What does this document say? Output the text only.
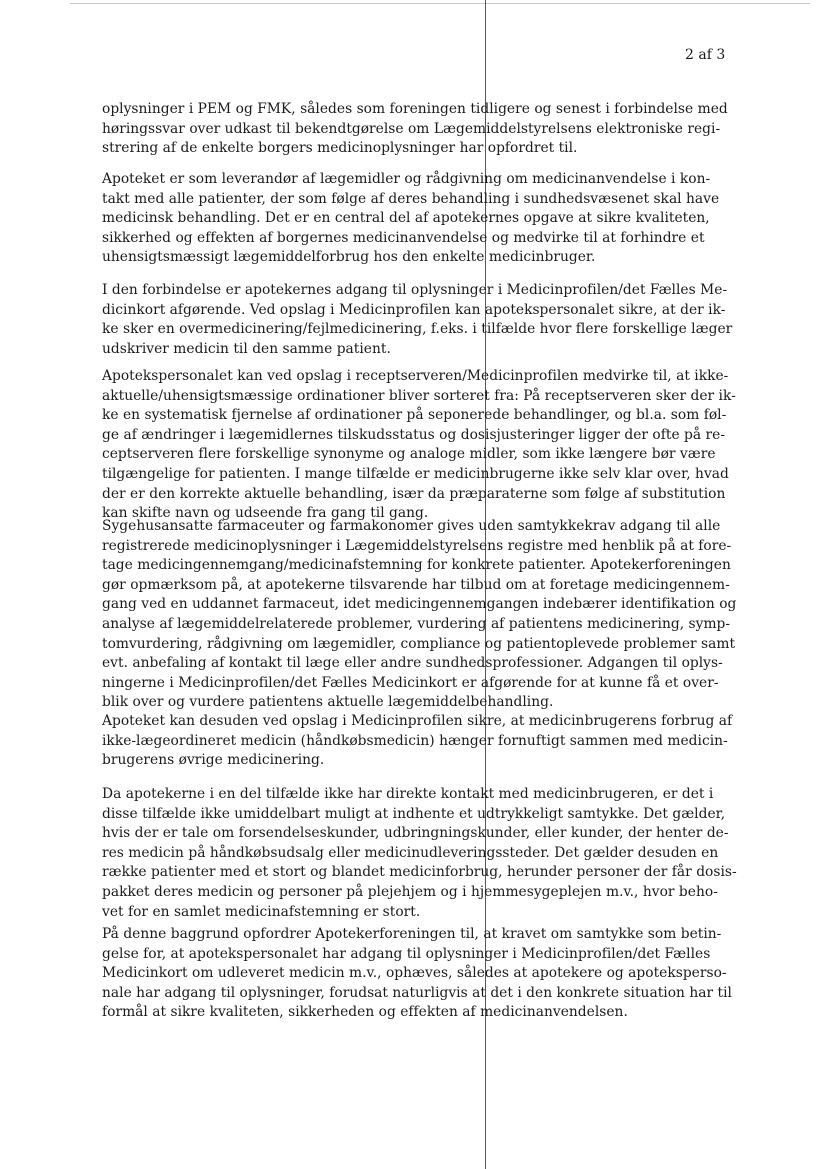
2 af 3

oplysninger i PEM og FMK, således som foreningen tidligere og senest i forbindelse med
høringssvar over udkast til bekendtgørelse om Lægemiddelstyrelsens elektroniske regi-
strering af de enkelte borgers medicinoplysninger har opfordret til.

Apoteket er som leverandør af lægemidler og rådgivning om medicinanvendelse i kon-
takt med alle patienter, der som følge af deres behandling i sundhedsvæsenet skal have
medicinsk behandling. Det er en central del af apotekernes opgave at sikre kvaliteten,
sikkerhed og effekten af borgernes medicinanvendelse og medvirke til at forhindre et
uhensigtsmæssigt lægemiddelforbrug hos den enkelte medicinbruger.

I den forbindelse er apotekernes adgang til oplysninger i Medicinprofilen/det Fælles Me-
dicinkort afgørende. Ved opslag i Medicinprofilen kan apotekspersonalet sikre, at der ik-
ke sker en overmedicinering/fejlmedicinering, f.eks. i tilfælde hvor flere forskellige læger
udskriver medicin til den samme patient.

Apotekspersonalet kan ved opslag i receptserveren/Medicinprofilen medvirke til, at ikke-
aktuelle/uhensigtsmæssige ordinationer bliver sorteret fra: På receptserveren sker der ik-
ke en systematisk fjernelse af ordinationer på seponerede behandlinger, og bl.a. som føl-
ge af ændringer i lægemidlernes tilskudsstatus og dosisjusteringer ligger der ofte på re-
ceptserveren flere forskellige synonyme og analoge midler, som ikke længere bør være
tilgængelige for patienten. I mange tilfælde er medicinbrugerne ikke selv klar over, hvad
der er den korrekte aktuelle behandling, især da præparaterne som følge af substitution
kan skifte navn og udseende fra gang til gang.

Sygehusansatte farmaceuter og farmakonomer gives uden samtykkekrav adgang til alle
registrerede medicinoplysninger i Lægemiddelstyrelsens registre med henblik på at fore-
tage medicingennemgang/medicinafstemning for konkrete patienter. Apotekerforeningen
gør opmærksom på, at apotekerne tilsvarende har tilbud om at foretage medicingennem-
gang ved en uddannet farmaceut, idet medicingennemgangen indebærer identifikation og
analyse af lægemiddelrelaterede problemer, vurdering af patientens medicinering, symp-
tomvurdering, rådgivning om lægemidler, compliance og patientoplevede problemer samt
evt. anbefaling af kontakt til læge eller andre sundhedsprofessioner. Adgangen til oplys-
ningerne i Medicinprofilen/det Fælles Medicinkort er afgørende for at kunne få et over-
blik over og vurdere patientens aktuelle lægemiddelbehandling.

Apoteket kan desuden ved opslag i Medicinprofilen sikre, at medicinbrugerens forbrug af
ikke-lægeordineret medicin (håndkøbsmedicin) hænger fornuftigt sammen med medicin-
brugerens øvrige medicinering.

Da apotekerne i en del tilfælde ikke har direkte kontakt med medicinbrugeren, er det i
disse tilfælde ikke umiddelbart muligt at indhente et udtrykkeligt samtykke. Det gælder,
hvis der er tale om forsendelseskunder, udbringningskunder, eller kunder, der henter de-
res medicin på håndkøbsudsalg eller medicinudleveringssteder. Det gælder desuden en
række patienter med et stort og blandet medicinforbrug, herunder personer der får dosis-
pakket deres medicin og personer på plejehjem og i hjemmesygeplejen m.v., hvor beho-
vet for en samlet medicinafstemning er stort.

På denne baggrund opfordrer Apotekerforeningen til, at kravet om samtykke som betin-
gelse for, at apotekspersonalet har adgang til oplysninger i Medicinprofilen/det Fælles
Medicinkort om udleveret medicin m.v., ophæves, således at apotekere og apoteksperso-
nale har adgang til oplysninger, forudsat naturligvis at det i den konkrete situation har til
formål at sikre kvaliteten, sikkerheden og effekten af medicinanvendelsen.
